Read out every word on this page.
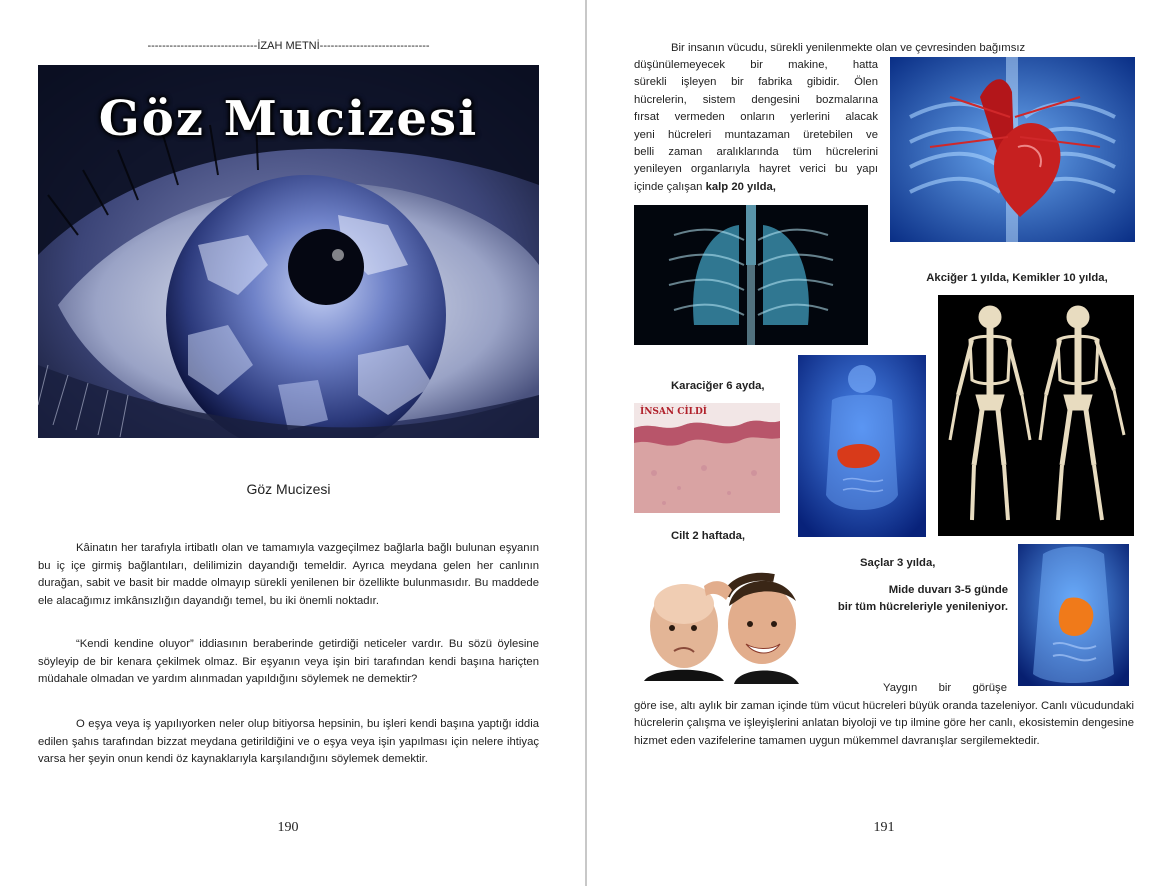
------------------------------İZAH METNİ------------------------------
Göz Mucizesi
Göz Mucizesi

Kâinatın her tarafıyla irtibatlı olan ve tamamıyla vazgeçilmez bağlarla bağlı bulunan eşyanın bu iç içe girmiş bağlantıları, delilimizin dayandığı temeldir. Ayrıca meydana gelen her canlının durağan, sabit ve basit bir madde olmayıp sürekli yenilenen bir özellikte bulunmasıdır. Bu maddede ele alacağımız imkânsızlığın dayandığı temel, bu iki önemli noktadır.

“Kendi kendine oluyor” iddiasının beraberinde getirdiği neticeler vardır. Bu sözü öylesine söyleyip de bir kenara çekilmek olmaz. Bir eşyanın veya işin biri tarafından kendi başına hariçten müdahale olmadan ve yardım alınmadan yapıldığını söylemek ne demektir?

O eşya veya iş yapılıyorken neler olup bitiyorsa hepsinin, bu işleri kendi başına yaptığı iddia edilen şahıs tarafından bizzat meydana getirildiğini ve o eşya veya işin yapılması için nelere ihtiyaç varsa her şeyin onun kendi öz kaynaklarıyla karşılandığını söylemek demektir.

190
Bir insanın vücudu, sürekli yenilenmekte olan ve çevresinden bağımsız
düşünülemeyecek bir makine, hatta
sürekli işleyen bir fabrika gibidir. Ölen
hücrelerin, sistem dengesini bozmalarına
fırsat vermeden onların yerlerini alacak
yeni hücreleri muntazaman üretebilen ve
belli zaman aralıklarında tüm hücrelerini
yenileyen organlarıyla hayret verici bu yapı
içinde çalışan kalp 20 yılda,
Akciğer 1 yılda, Kemikler 10 yılda,
Karaciğer 6 ayda,
İNSAN CİLDİ
Cilt 2 haftada,
Saçlar 3 yılda,
Mide duvarı 3-5 günde
bir tüm hücreleriyle yenileniyor.
Yaygın bir görüşe
göre ise, altı aylık bir zaman içinde tüm vücut hücreleri büyük oranda tazeleniyor. Canlı vücudundaki hücrelerin çalışma ve işleyişlerini anlatan biyoloji ve tıp ilmine göre her canlı, ekosistemin dengesine hizmet eden vazifelerine tamamen uygun mükemmel davranışlar sergilemektedir.
191
